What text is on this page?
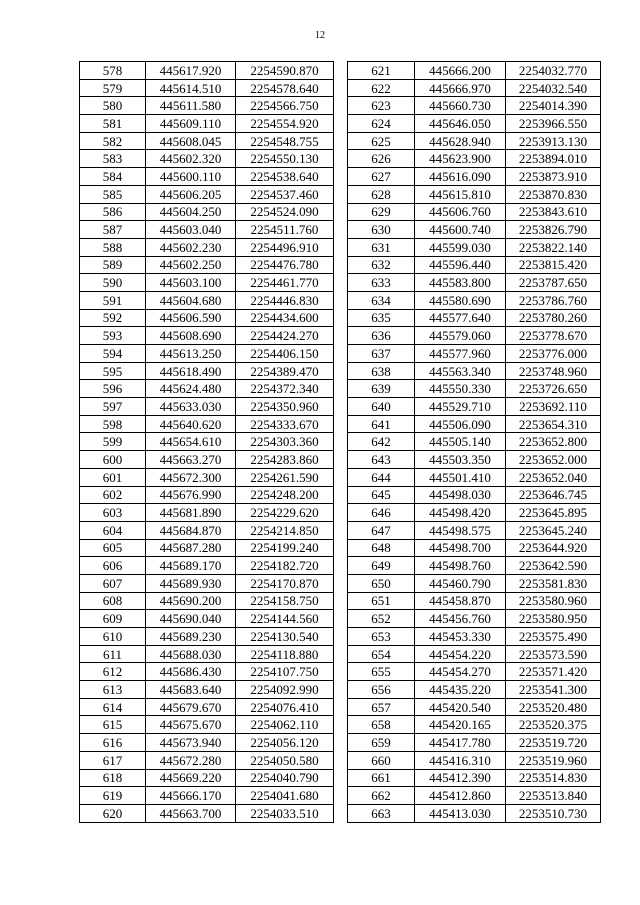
12
578	445617.920	2254590.870
579	445614.510	2254578.640
580	445611.580	2254566.750
581	445609.110	2254554.920
582	445608.045	2254548.755
583	445602.320	2254550.130
584	445600.110	2254538.640
585	445606.205	2254537.460
586	445604.250	2254524.090
587	445603.040	2254511.760
588	445602.230	2254496.910
589	445602.250	2254476.780
590	445603.100	2254461.770
591	445604.680	2254446.830
592	445606.590	2254434.600
593	445608.690	2254424.270
594	445613.250	2254406.150
595	445618.490	2254389.470
596	445624.480	2254372.340
597	445633.030	2254350.960
598	445640.620	2254333.670
599	445654.610	2254303.360
600	445663.270	2254283.860
601	445672.300	2254261.590
602	445676.990	2254248.200
603	445681.890	2254229.620
604	445684.870	2254214.850
605	445687.280	2254199.240
606	445689.170	2254182.720
607	445689.930	2254170.870
608	445690.200	2254158.750
609	445690.040	2254144.560
610	445689.230	2254130.540
611	445688.030	2254118.880
612	445686.430	2254107.750
613	445683.640	2254092.990
614	445679.670	2254076.410
615	445675.670	2254062.110
616	445673.940	2254056.120
617	445672.280	2254050.580
618	445669.220	2254040.790
619	445666.170	2254041.680
620	445663.700	2254033.510
621	445666.200	2254032.770
622	445666.970	2254032.540
623	445660.730	2254014.390
624	445646.050	2253966.550
625	445628.940	2253913.130
626	445623.900	2253894.010
627	445616.090	2253873.910
628	445615.810	2253870.830
629	445606.760	2253843.610
630	445600.740	2253826.790
631	445599.030	2253822.140
632	445596.440	2253815.420
633	445583.800	2253787.650
634	445580.690	2253786.760
635	445577.640	2253780.260
636	445579.060	2253778.670
637	445577.960	2253776.000
638	445563.340	2253748.960
639	445550.330	2253726.650
640	445529.710	2253692.110
641	445506.090	2253654.310
642	445505.140	2253652.800
643	445503.350	2253652.000
644	445501.410	2253652.040
645	445498.030	2253646.745
646	445498.420	2253645.895
647	445498.575	2253645.240
648	445498.700	2253644.920
649	445498.760	2253642.590
650	445460.790	2253581.830
651	445458.870	2253580.960
652	445456.760	2253580.950
653	445453.330	2253575.490
654	445454.220	2253573.590
655	445454.270	2253571.420
656	445435.220	2253541.300
657	445420.540	2253520.480
658	445420.165	2253520.375
659	445417.780	2253519.720
660	445416.310	2253519.960
661	445412.390	2253514.830
662	445412.860	2253513.840
663	445413.030	2253510.730
